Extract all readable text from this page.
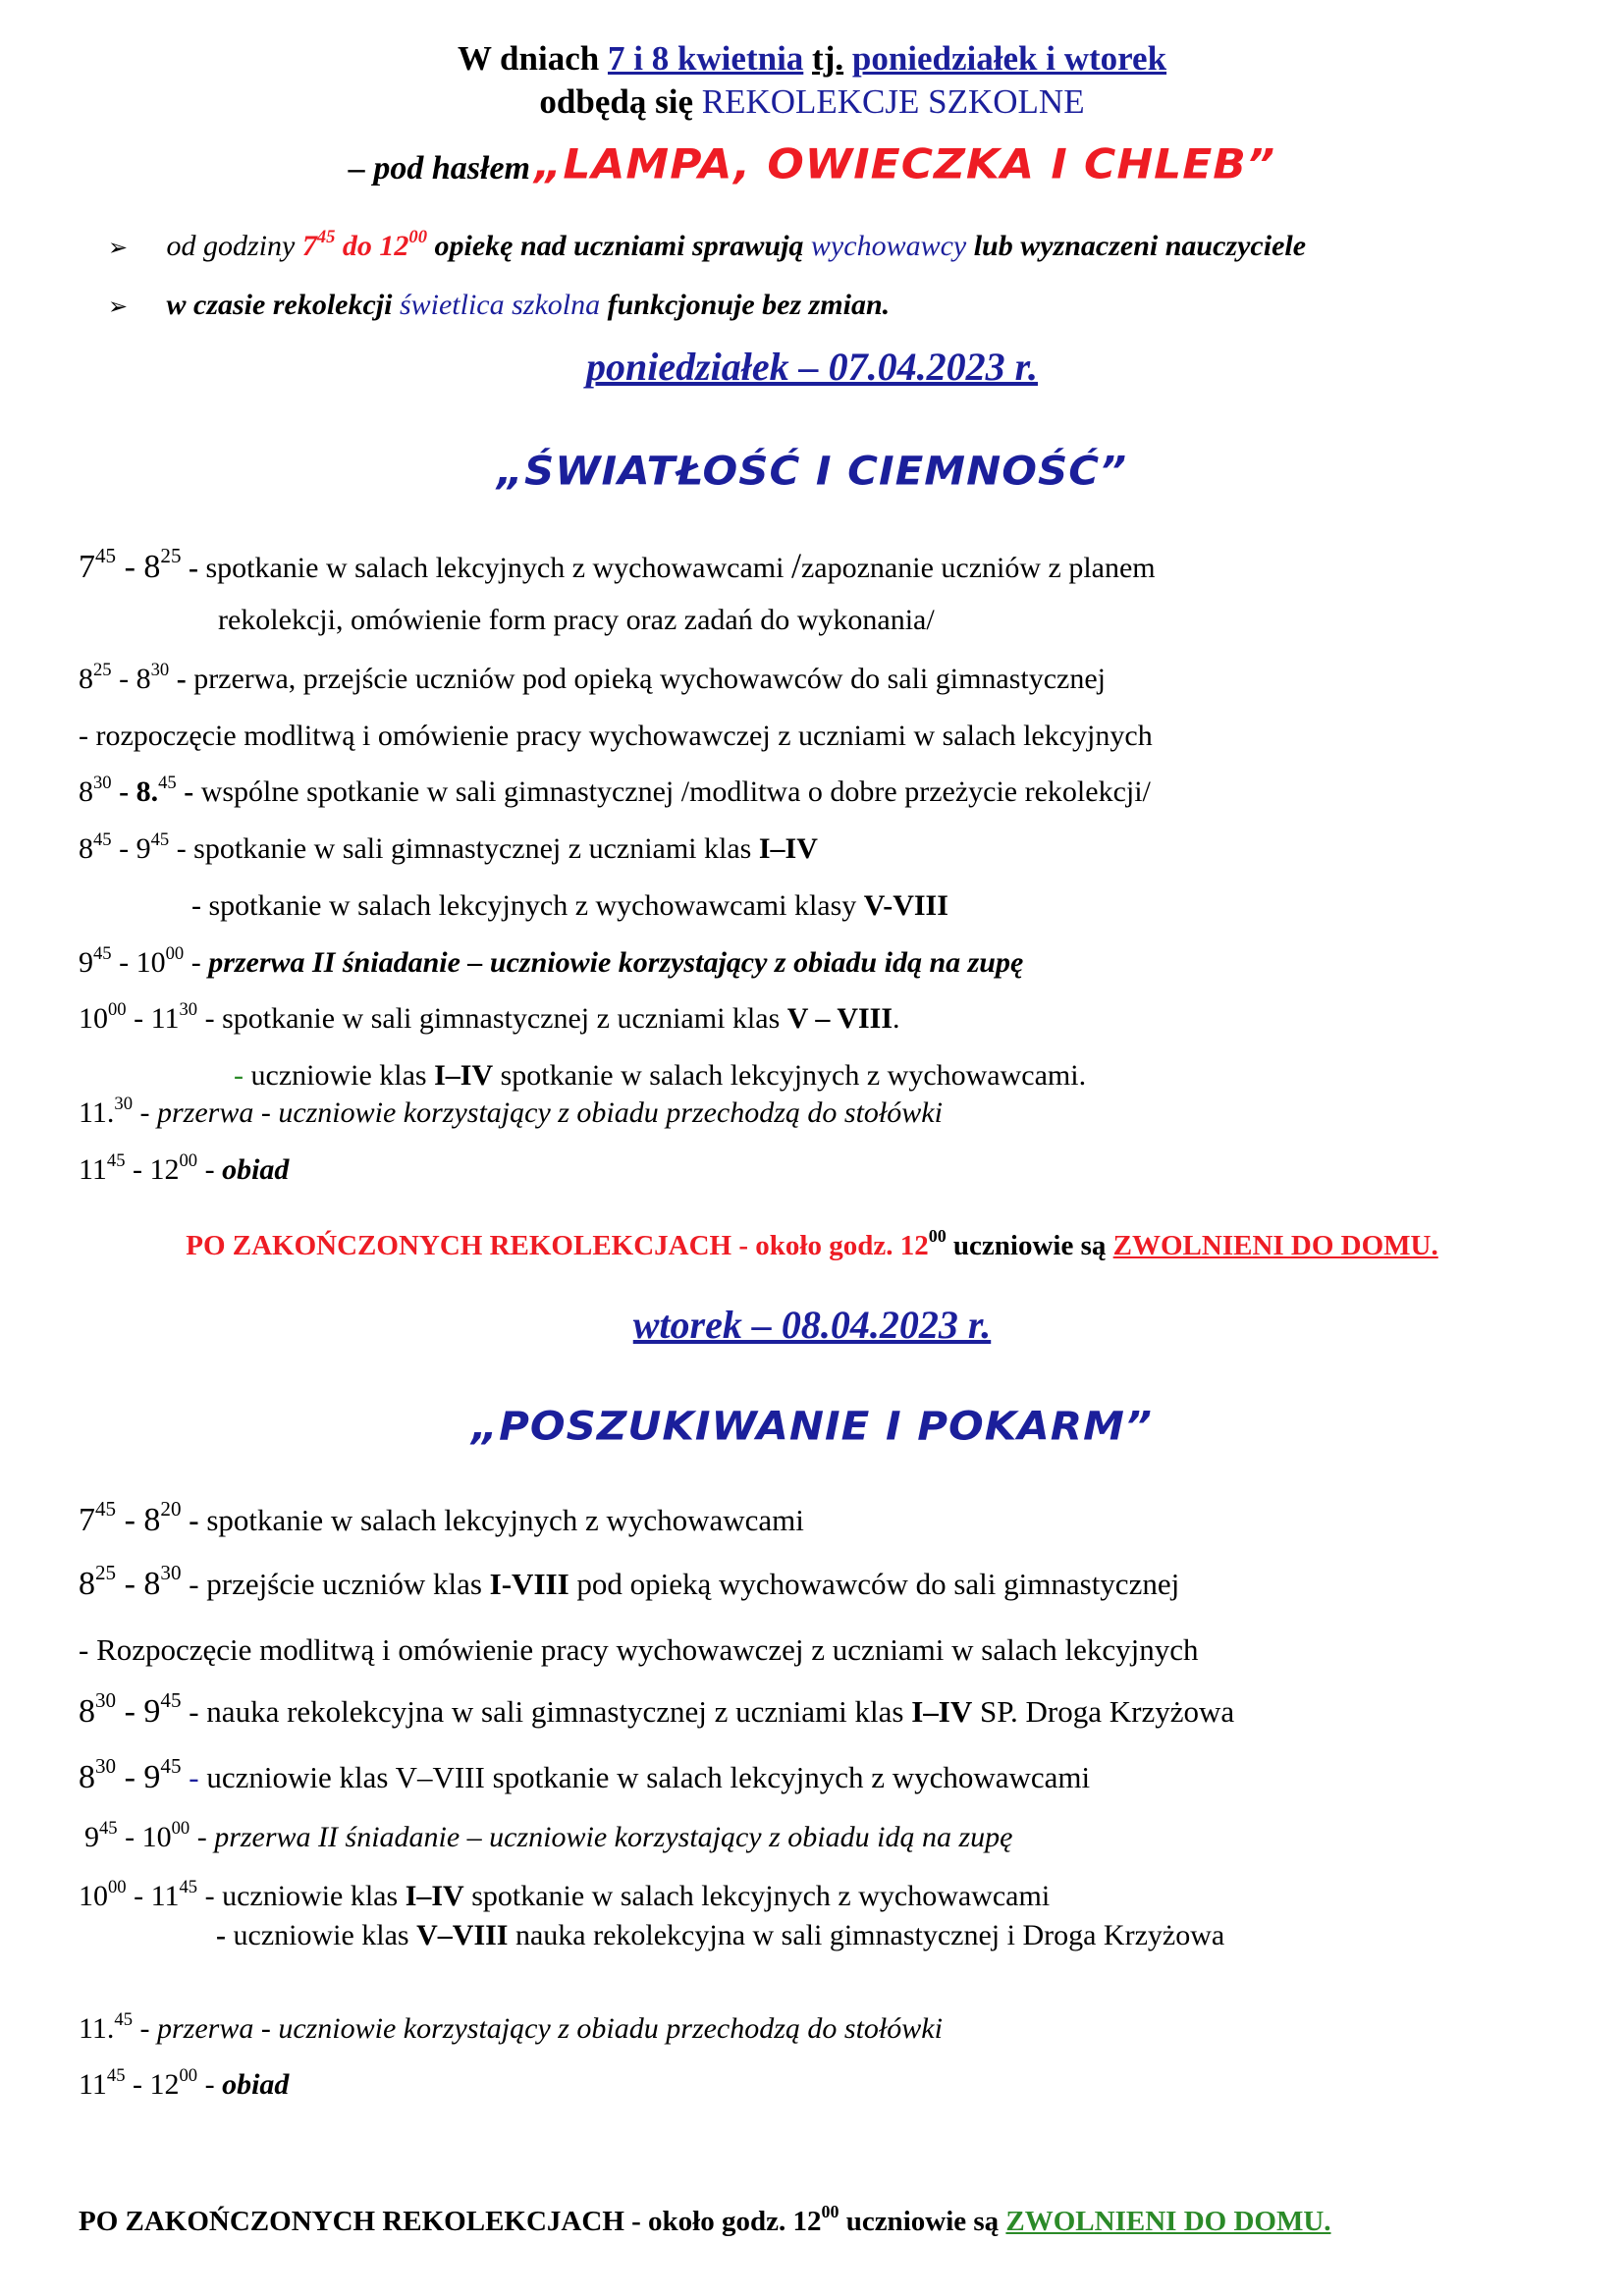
W dniach 7 i 8 kwietnia tj. poniedziałek i wtorek
odbędą się REKOLEKCJE SZKOLNE
– pod hasłem „LAMPA, OWIECZKA I CHLEB”
➢ od godziny $7^{45}$ do $12^{00}$ opiekę nad uczniami sprawują wychowawcy lub wyznaczeni nauczyciele
➢ w czasie rekolekcji świetlica szkolna funkcjonuje bez zmian.
poniedziałek – 07.04.2023 r.
„ŚWIATŁOŚĆ I CIEMNOŚĆ”
$7^{45} - 8^{25}$ - spotkanie w salach lekcyjnych z wychowawcami /zapoznanie uczniów z planem
rekolekcji, omówienie form pracy oraz zadań do wykonania/
$8^{25} - 8^{30}$ - przerwa, przejście uczniów pod opieką wychowawców do sali gimnastycznej
- rozpoczęcie modlitwą i omówienie pracy wychowawczej z uczniami w salach lekcyjnych
$8^{30} - 8.45$ - wspólne spotkanie w sali gimnastycznej /modlitwa o dobre przeżycie rekolekcji/
$8^{45} - 9^{45}$ - spotkanie w sali gimnastycznej z uczniami klas I–IV
- spotkanie w salach lekcyjnych z wychowawcami klasy V-VIII
$9^{45} - 10^{00}$ - przerwa II śniadanie – uczniowie korzystający z obiadu idą na zupę
$10^{00} - 11^{30}$ - spotkanie w sali gimnastycznej z uczniami klas V – VIII.
- uczniowie klas I–IV spotkanie w salach lekcyjnych z wychowawcami.
11.30 - przerwa - uczniowie korzystający z obiadu przechodzą do stołówki
$11^{45} - 12^{00}$ - obiad
PO ZAKOŃCZONYCH REKOLEKCJACH - około godz. $12^{00}$ uczniowie są ZWOLNIENI DO DOMU.
wtorek – 08.04.2023 r.
„POSZUKIWANIE I POKARM”
$7^{45} - 8^{20}$ - spotkanie w salach lekcyjnych z wychowawcami
$8^{25} - 8^{30}$ - przejście uczniów klas I-VIII pod opieką wychowawców do sali gimnastycznej
- Rozpoczęcie modlitwą i omówienie pracy wychowawczej z uczniami w salach lekcyjnych
$8^{30} - 9^{45}$ - nauka rekolekcyjna w sali gimnastycznej z uczniami klas I–IV SP. Droga Krzyżowa
$8^{30} - 9^{45}$ - uczniowie klas V–VIII spotkanie w salach lekcyjnych z wychowawcami
$9^{45} - 10^{00}$ - przerwa II śniadanie – uczniowie korzystający z obiadu idą na zupę
$10^{00} - 11^{45}$ - uczniowie klas I–IV spotkanie w salach lekcyjnych z wychowawcami
- uczniowie klas V–VIII nauka rekolekcyjna w sali gimnastycznej i Droga Krzyżowa
11.45 - przerwa - uczniowie korzystający z obiadu przechodzą do stołówki
$11^{45} - 12^{00}$ - obiad
PO ZAKOŃCZONYCH REKOLEKCJACH - około godz. $12^{00}$ uczniowie są ZWOLNIENI DO DOMU.
